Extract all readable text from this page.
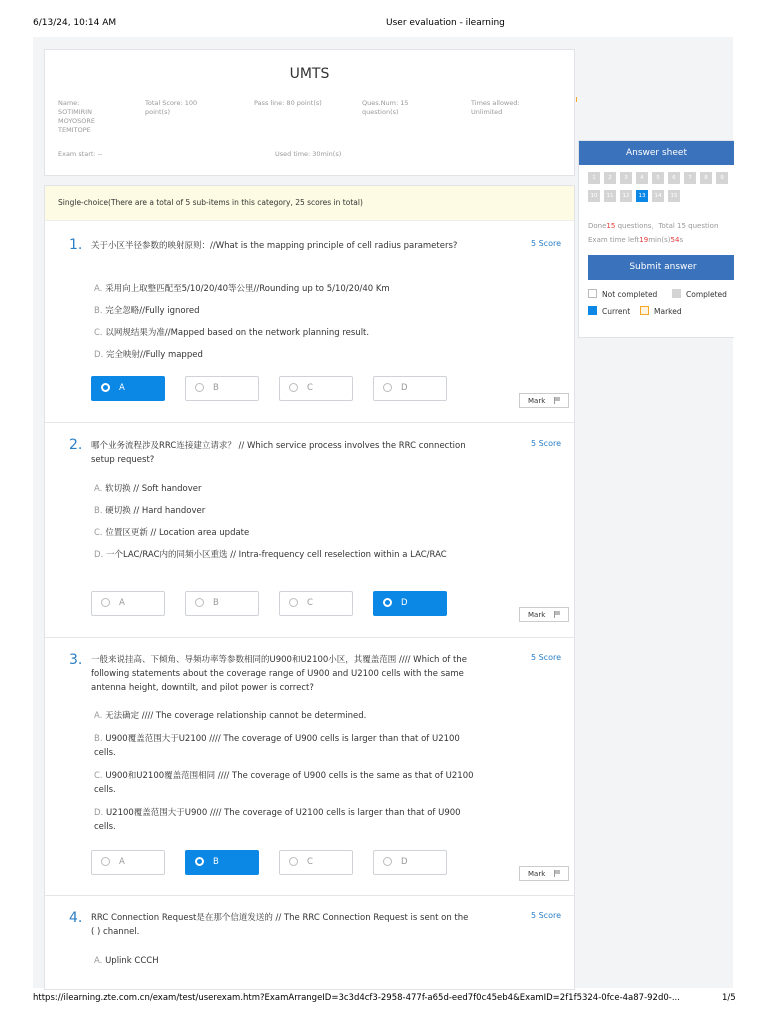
6/13/24, 10:14 AM	User evaluation - ilearning
UMTS
Name:
SOTIMIRIN MOYOSORE TEMITOPE
Total Score: 100
point(s)
Pass line: 80 point(s)	Ques.Num: 15
question(s)
Times allowed:
Unlimited
Exam start: --	Used time: 30min(s)
Single-choice(There are a total of 5 sub-items in this category, 25 scores in total)
1. 关于小区半径参数的映射原则：//What is the mapping principle of cell radius parameters?	5 Score
A. 采用向上取整匹配至5/10/20/40等公里//Rounding up to 5/10/20/40 Km
B. 完全忽略//Fully ignored
C. 以网规结果为准//Mapped based on the network planning result.
D. 完全映射//Fully mapped
A	B	C	D
Mark
2. 哪个业务流程涉及RRC连接建立请求？ // Which service process involves the RRC connection setup request?
5 Score
A. 软切换 // Soft handover
B. 硬切换 // Hard handover
C. 位置区更新 // Location area update
D. 一个LAC/RAC内的同频小区重选 // Intra-frequency cell reselection within a LAC/RAC
A	B	C	D
Mark
3. 一般来说挂高、下倾角、导频功率等参数相同的U900和U2100小区，其覆盖范围 //// Which of the following statements about the coverage range of U900 and U2100 cells with the same antenna height, downtilt, and pilot power is correct?
5 Score
A. 无法确定 //// The coverage relationship cannot be determined.
B. U900覆盖范围大于U2100 //// The coverage of U900 cells is larger than that of U2100 cells.
C. U900和U2100覆盖范围相同 //// The coverage of U900 cells is the same as that of U2100 cells.
D. U2100覆盖范围大于U900 //// The coverage of U2100 cells is larger than that of U900 cells.
A	B	C	D
Mark
4. RRC Connection Request是在那个信道发送的 // The RRC Connection Request is sent on the ( ) channel.
5 Score
A. Uplink CCCH
Answer sheet
1	2	3	4	5	6	7	8	9
10	11	12	13	14	15
Done15 questions，Total 15 question
Exam time left19min(s)54s
Submit answer
Not completed	Completed
Current	Marked
https://ilearning.zte.com.cn/exam/test/userexam.htm?ExamArrangeID=3c3d4cf3-2958-477f-a65d-eed7f0c45eb4&ExamID=2f1f5324-0fce-4a87-92d0-...	1/5
